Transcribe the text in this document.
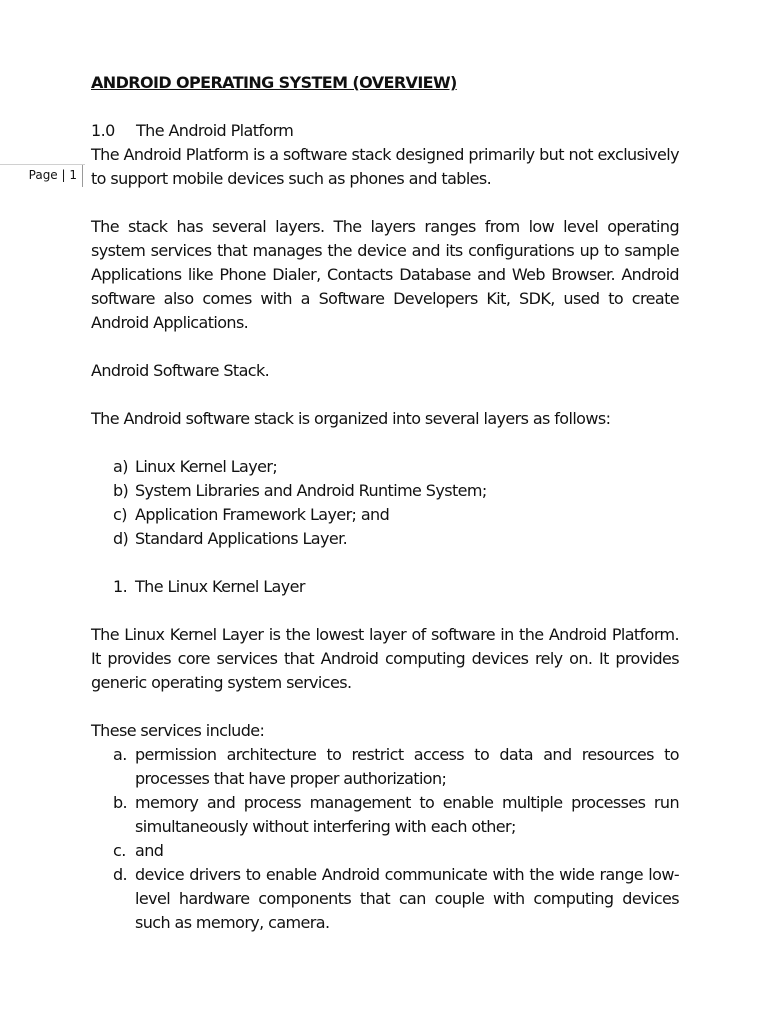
Page | 1

ANDROID OPERATING SYSTEM (OVERVIEW)

1.0	The Android Platform

The Android Platform is a software stack designed primarily but not exclusively to support mobile devices such as phones and tables.

The stack has several layers. The layers ranges from low level operating system services that manages the device and its configurations up to sample Applications like Phone Dialer, Contacts Database and Web Browser. Android software also comes with a Software Developers Kit, SDK, used to create Android Applications.

Android Software Stack.

The Android software stack is organized into several layers as follows:

a) Linux Kernel Layer;
b) System Libraries and Android Runtime System;
c) Application Framework Layer; and
d) Standard Applications Layer.
1. The Linux Kernel Layer

The Linux Kernel Layer is the lowest layer of software in the Android Platform. It provides core services that Android computing devices rely on. It provides generic operating system services.

These services include:

a. permission architecture to restrict access to data and resources to processes that have proper authorization;
b. memory and process management to enable multiple processes run simultaneously without interfering with each other;
c. and
d. device drivers to enable Android communicate with the wide range low-level hardware components that can couple with computing devices such as memory, camera.
